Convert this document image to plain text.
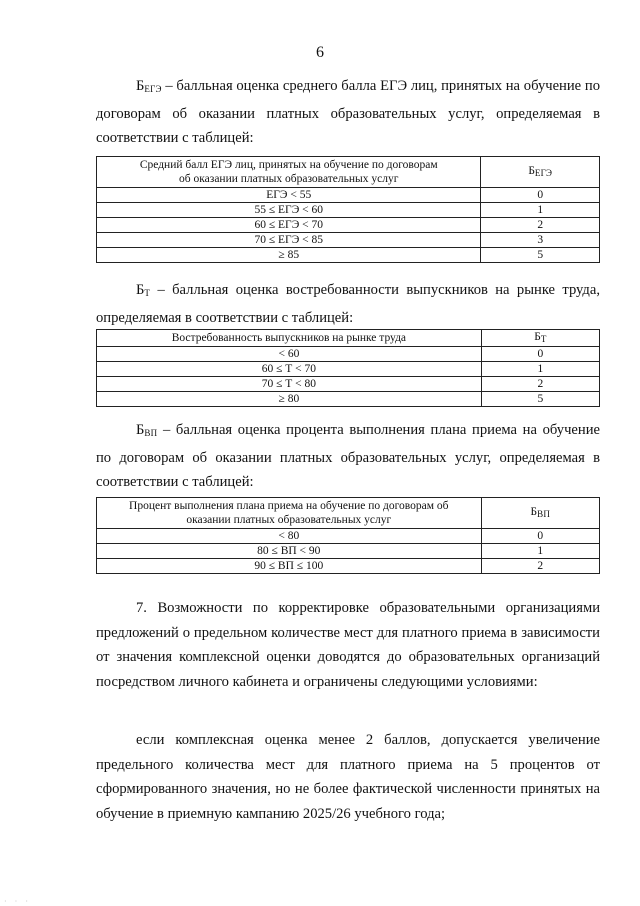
6

$Б_{ЕГЭ}$ – балльная оценка среднего балла ЕГЭ лиц, принятых на обучение по договорам об оказании платных образовательных услуг, определяемая в соответствии с таблицей:

Средний балл ЕГЭ лиц, принятых на обучение по договорам
об оказании платных образовательных услуг	$Б_{ЕГЭ}$
ЕГЭ < 55	0
55 ≤ ЕГЭ < 60	1
60 ≤ ЕГЭ < 70	2
70 ≤ ЕГЭ < 85	3
≥ 85	5

$Б_Т$ – балльная оценка востребованности выпускников на рынке труда, определяемая в соответствии с таблицей:

Востребованность выпускников на рынке труда	$Б_Т$
< 60	0
60 ≤ Т < 70	1
70 ≤ Т < 80	2
≥ 80	5

$Б_{ВП}$ – балльная оценка процента выполнения плана приема на обучение по договорам об оказании платных образовательных услуг, определяемая в соответствии с таблицей:

Процент выполнения плана приема на обучение по договорам об
оказании платных образовательных услуг	$Б_{ВП}$
< 80	0
80 ≤ ВП < 90	1
90 ≤ ВП ≤ 100	2

7. Возможности по корректировке образовательными организациями предложений о предельном количестве мест для платного приема в зависимости от значения комплексной оценки доводятся до образовательных организаций посредством личного кабинета и ограничены следующими условиями:

если комплексная оценка менее 2 баллов, допускается увеличение предельного количества мест для платного приема на 5 процентов от сформированного значения, но не более фактической численности принятых на обучение в приемную кампанию 2025/26 учебного года;

· · ·
